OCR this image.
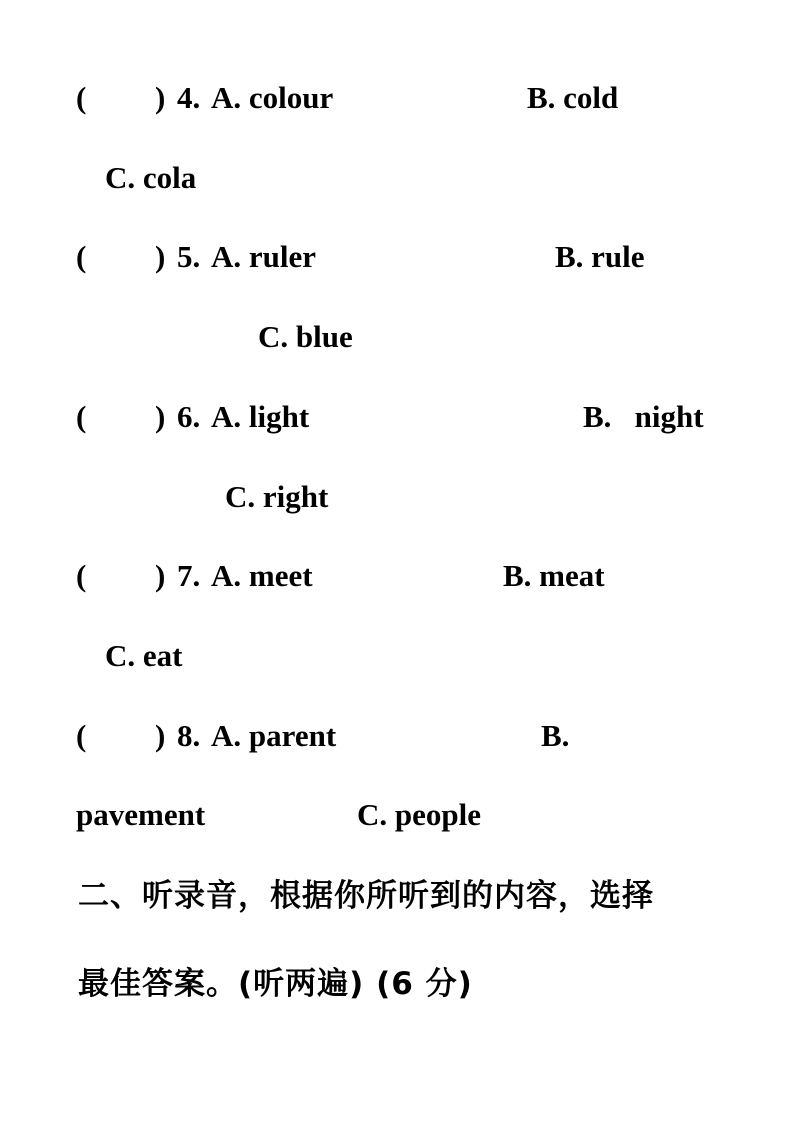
( ) 4. A. colour	B. cold
C. cola
( ) 5. A. ruler	B. rule
C. blue
( ) 6. A. light	B.   night
C. right
( ) 7. A. meet	B. meat
C. eat
( ) 8. A. parent	B.
pavement	C. people
二、听录音，根据你所听到的内容，选择
最佳答案。(听两遍) (6 分)
